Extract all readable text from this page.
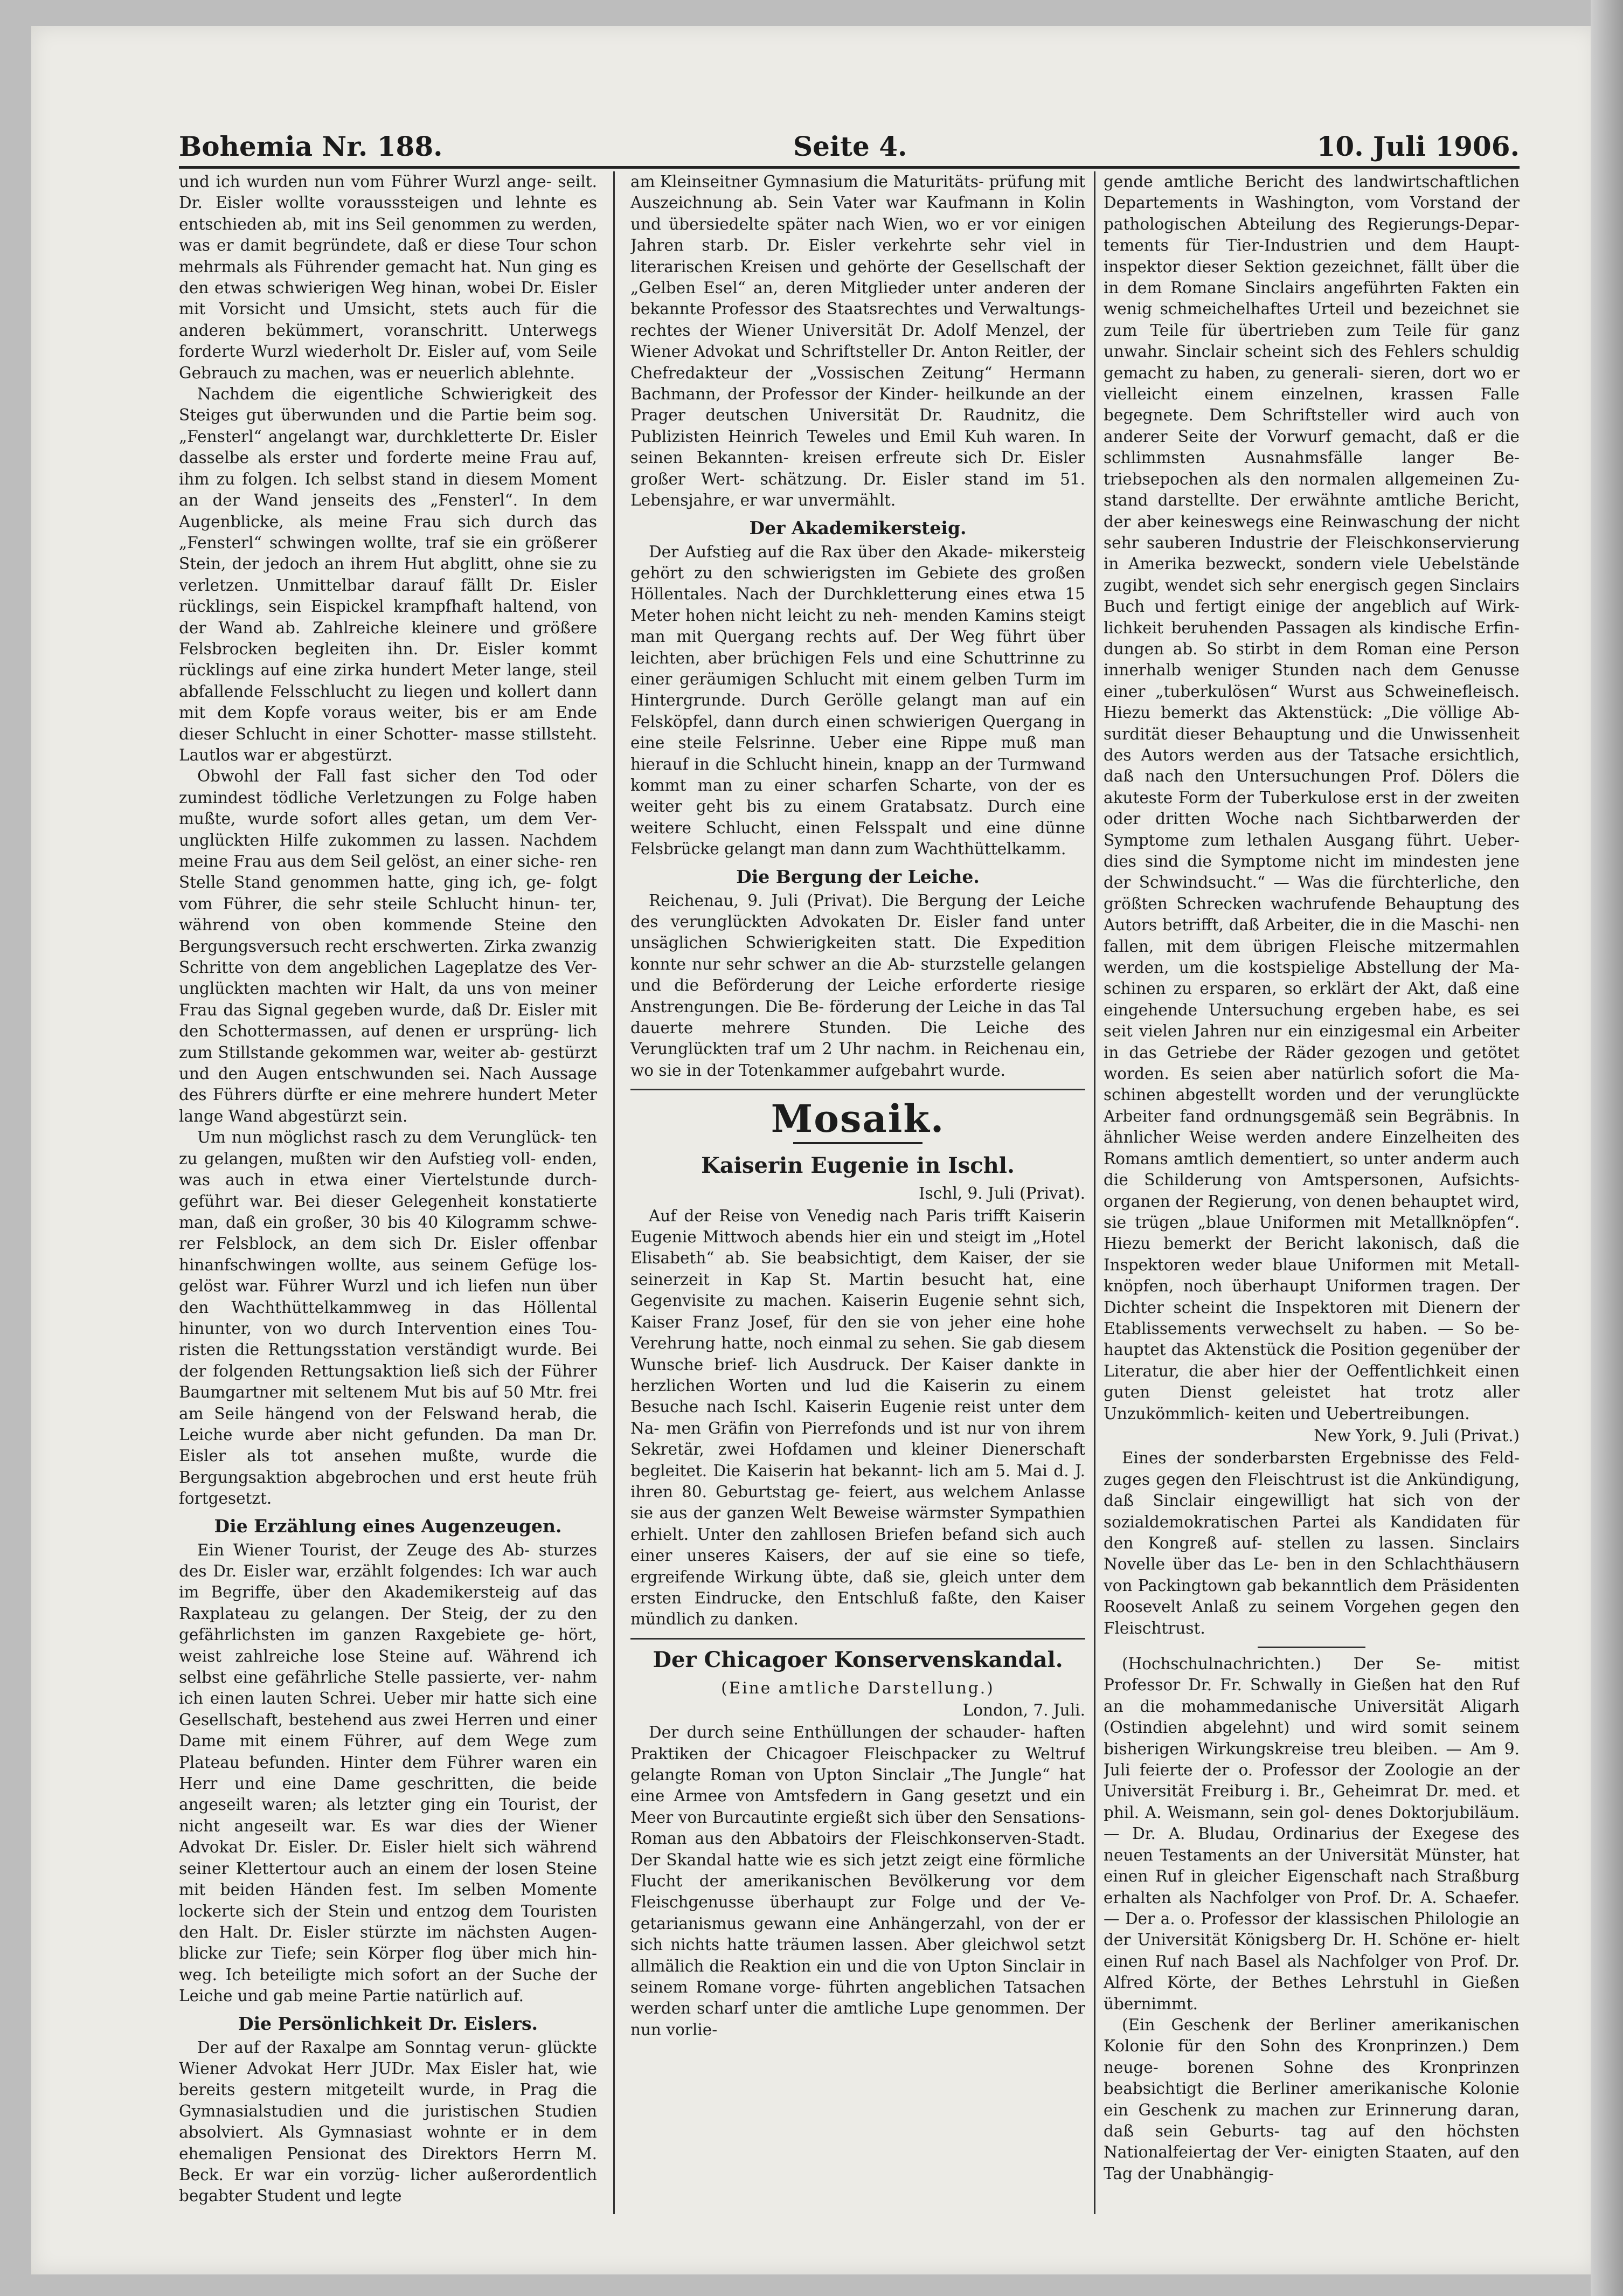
Bohemia Nr. 188.	Seite 4.	10. Juli 1906.

und ich wurden nun vom Führer Wurzl ange- seilt. Dr. Eisler wollte vorausssteigen und lehnte es entschieden ab, mit ins Seil genommen zu werden, was er damit begründete, daß er diese Tour schon mehrmals als Führender gemacht hat. Nun ging es den etwas schwierigen Weg hinan, wobei Dr. Eisler mit Vorsicht und Umsicht, stets auch für die anderen bekümmert, voranschritt. Unterwegs forderte Wurzl wiederholt Dr. Eisler auf, vom Seile Gebrauch zu machen, was er neuerlich ablehnte.

Nachdem die eigentliche Schwierigkeit des Steiges gut überwunden und die Partie beim sog. „Fensterl“ angelangt war, durchkletterte Dr. Eisler dasselbe als erster und forderte meine Frau auf, ihm zu folgen. Ich selbst stand in diesem Moment an der Wand jenseits des „Fensterl“. In dem Augenblicke, als meine Frau sich durch das „Fensterl“ schwingen wollte, traf sie ein größerer Stein, der jedoch an ihrem Hut abglitt, ohne sie zu verletzen. Unmittelbar darauf fällt Dr. Eisler rücklings, sein Eispickel krampfhaft haltend, von der Wand ab. Zahlreiche kleinere und größere Felsbrocken begleiten ihn. Dr. Eisler kommt rücklings auf eine zirka hundert Meter lange, steil abfallende Felsschlucht zu liegen und kollert dann mit dem Kopfe voraus weiter, bis er am Ende dieser Schlucht in einer Schotter- masse stillsteht. Lautlos war er abgestürzt.

Obwohl der Fall fast sicher den Tod oder zumindest tödliche Verletzungen zu Folge haben mußte, wurde sofort alles getan, um dem Ver- unglückten Hilfe zukommen zu lassen. Nachdem meine Frau aus dem Seil gelöst, an einer siche- ren Stelle Stand genommen hatte, ging ich, ge- folgt vom Führer, die sehr steile Schlucht hinun- ter, während von oben kommende Steine den Bergungsversuch recht erschwerten. Zirka zwanzig Schritte von dem angeblichen Lageplatze des Ver- unglückten machten wir Halt, da uns von meiner Frau das Signal gegeben wurde, daß Dr. Eisler mit den Schottermassen, auf denen er ursprüng- lich zum Stillstande gekommen war, weiter ab- gestürzt und den Augen entschwunden sei. Nach Aussage des Führers dürfte er eine mehrere hundert Meter lange Wand abgestürzt sein.

Um nun möglichst rasch zu dem Verunglück- ten zu gelangen, mußten wir den Aufstieg voll- enden, was auch in etwa einer Viertelstunde durch- geführt war. Bei dieser Gelegenheit konstatierte man, daß ein großer, 30 bis 40 Kilogramm schwe- rer Felsblock, an dem sich Dr. Eisler offenbar hinanfschwingen wollte, aus seinem Gefüge los- gelöst war. Führer Wurzl und ich liefen nun über den Wachthüttelkammweg in das Höllental hinunter, von wo durch Intervention eines Tou- risten die Rettungsstation verständigt wurde. Bei der folgenden Rettungsaktion ließ sich der Führer Baumgartner mit seltenem Mut bis auf 50 Mtr. frei am Seile hängend von der Felswand herab, die Leiche wurde aber nicht gefunden. Da man Dr. Eisler als tot ansehen mußte, wurde die Bergungsaktion abgebrochen und erst heute früh fortgesetzt.

Die Erzählung eines Augenzeugen.

Ein Wiener Tourist, der Zeuge des Ab- sturzes des Dr. Eisler war, erzählt folgendes: Ich war auch im Begriffe, über den Akademikersteig auf das Raxplateau zu gelangen. Der Steig, der zu den gefährlichsten im ganzen Raxgebiete ge- hört, weist zahlreiche lose Steine auf. Während ich selbst eine gefährliche Stelle passierte, ver- nahm ich einen lauten Schrei. Ueber mir hatte sich eine Gesellschaft, bestehend aus zwei Herren und einer Dame mit einem Führer, auf dem Wege zum Plateau befunden. Hinter dem Führer waren ein Herr und eine Dame geschritten, die beide angeseilt waren; als letzter ging ein Tourist, der nicht angeseilt war. Es war dies der Wiener Advokat Dr. Eisler. Dr. Eisler hielt sich während seiner Klettertour auch an einem der losen Steine mit beiden Händen fest. Im selben Momente lockerte sich der Stein und entzog dem Touristen den Halt. Dr. Eisler stürzte im nächsten Augen- blicke zur Tiefe; sein Körper flog über mich hin- weg. Ich beteiligte mich sofort an der Suche der Leiche und gab meine Partie natürlich auf.

Die Persönlichkeit Dr. Eislers.

Der auf der Raxalpe am Sonntag verun- glückte Wiener Advokat Herr JUDr. Max Eisler hat, wie bereits gestern mitgeteilt wurde, in Prag die Gymnasialstudien und die juristischen Studien absolviert. Als Gymnasiast wohnte er in dem ehemaligen Pensionat des Direktors Herrn M. Beck. Er war ein vorzüg- licher außerordentlich begabter Student und legte

am Kleinseitner Gymnasium die Maturitäts- prüfung mit Auszeichnung ab. Sein Vater war Kaufmann in Kolin und übersiedelte später nach Wien, wo er vor einigen Jahren starb. Dr. Eisler verkehrte sehr viel in literarischen Kreisen und gehörte der Gesellschaft der „Gelben Esel“ an, deren Mitglieder unter anderen der bekannte Professor des Staatsrechtes und Verwaltungs- rechtes der Wiener Universität Dr. Adolf Menzel, der Wiener Advokat und Schriftsteller Dr. Anton Reitler, der Chefredakteur der „Vossischen Zeitung“ Hermann Bachmann, der Professor der Kinder- heilkunde an der Prager deutschen Universität Dr. Raudnitz, die Publizisten Heinrich Teweles und Emil Kuh waren. In seinen Bekannten- kreisen erfreute sich Dr. Eisler großer Wert- schätzung. Dr. Eisler stand im 51. Lebensjahre, er war unvermählt.

Der Akademikersteig.

Der Aufstieg auf die Rax über den Akade- mikersteig gehört zu den schwierigsten im Gebiete des großen Höllentales. Nach der Durchkletterung eines etwa 15 Meter hohen nicht leicht zu neh- menden Kamins steigt man mit Quergang rechts auf. Der Weg führt über leichten, aber brüchigen Fels und eine Schuttrinne zu einer geräumigen Schlucht mit einem gelben Turm im Hintergrunde. Durch Gerölle gelangt man auf ein Felsköpfel, dann durch einen schwierigen Quergang in eine steile Felsrinne. Ueber eine Rippe muß man hierauf in die Schlucht hinein, knapp an der Turmwand kommt man zu einer scharfen Scharte, von der es weiter geht bis zu einem Gratabsatz. Durch eine weitere Schlucht, einen Felsspalt und eine dünne Felsbrücke gelangt man dann zum Wachthüttelkamm.

Die Bergung der Leiche.

Reichenau, 9. Juli (Privat). Die Bergung der Leiche des verunglückten Advokaten Dr. Eisler fand unter unsäglichen Schwierigkeiten statt. Die Expedition konnte nur sehr schwer an die Ab- sturzstelle gelangen und die Beförderung der Leiche erforderte riesige Anstrengungen. Die Be- förderung der Leiche in das Tal dauerte mehrere Stunden. Die Leiche des Verunglückten traf um 2 Uhr nachm. in Reichenau ein, wo sie in der Totenkammer aufgebahrt wurde.

Mosaik.
Kaiserin Eugenie in Ischl.
Ischl, 9. Juli (Privat).

Auf der Reise von Venedig nach Paris trifft Kaiserin Eugenie Mittwoch abends hier ein und steigt im „Hotel Elisabeth“ ab. Sie beabsichtigt, dem Kaiser, der sie seinerzeit in Kap St. Martin besucht hat, eine Gegenvisite zu machen. Kaiserin Eugenie sehnt sich, Kaiser Franz Josef, für den sie von jeher eine hohe Verehrung hatte, noch einmal zu sehen. Sie gab diesem Wunsche brief- lich Ausdruck. Der Kaiser dankte in herzlichen Worten und lud die Kaiserin zu einem Besuche nach Ischl. Kaiserin Eugenie reist unter dem Na- men Gräfin von Pierrefonds und ist nur von ihrem Sekretär, zwei Hofdamen und kleiner Dienerschaft begleitet. Die Kaiserin hat bekannt- lich am 5. Mai d. J. ihren 80. Geburtstag ge- feiert, aus welchem Anlasse sie aus der ganzen Welt Beweise wärmster Sympathien erhielt. Unter den zahllosen Briefen befand sich auch einer unseres Kaisers, der auf sie eine so tiefe, ergreifende Wirkung übte, daß sie, gleich unter dem ersten Eindrucke, den Entschluß faßte, den Kaiser mündlich zu danken.

Der Chicagoer Konservenskandal.
(Eine amtliche Darstellung.)
London, 7. Juli.

Der durch seine Enthüllungen der schauder- haften Praktiken der Chicagoer Fleischpacker zu Weltruf gelangte Roman von Upton Sinclair „The Jungle“ hat eine Armee von Amtsfedern in Gang gesetzt und ein Meer von Burcautinte ergießt sich über den Sensations-Roman aus den Abbatoirs der Fleischkonserven-Stadt. Der Skandal hatte wie es sich jetzt zeigt eine förmliche Flucht der amerikanischen Bevölkerung vor dem Fleischgenusse überhaupt zur Folge und der Ve- getarianismus gewann eine Anhängerzahl, von der er sich nichts hatte träumen lassen. Aber gleichwol setzt allmälich die Reaktion ein und die von Upton Sinclair in seinem Romane vorge- führten angeblichen Tatsachen werden scharf unter die amtliche Lupe genommen. Der nun vorlie-

gende amtliche Bericht des landwirtschaftlichen Departements in Washington, vom Vorstand der pathologischen Abteilung des Regierungs-Depar- tements für Tier-Industrien und dem Haupt- inspektor dieser Sektion gezeichnet, fällt über die in dem Romane Sinclairs angeführten Fakten ein wenig schmeichelhaftes Urteil und bezeichnet sie zum Teile für übertrieben zum Teile für ganz unwahr. Sinclair scheint sich des Fehlers schuldig gemacht zu haben, zu generali- sieren, dort wo er vielleicht einem einzelnen, krassen Falle begegnete. Dem Schriftsteller wird auch von anderer Seite der Vorwurf gemacht, daß er die schlimmsten Ausnahmsfälle langer Be- triebsepochen als den normalen allgemeinen Zu- stand darstellte. Der erwähnte amtliche Bericht, der aber keineswegs eine Reinwaschung der nicht sehr sauberen Industrie der Fleischkonservierung in Amerika bezweckt, sondern viele Uebelstände zugibt, wendet sich sehr energisch gegen Sinclairs Buch und fertigt einige der angeblich auf Wirk- lichkeit beruhenden Passagen als kindische Erfin- dungen ab. So stirbt in dem Roman eine Person innerhalb weniger Stunden nach dem Genusse einer „tuberkulösen“ Wurst aus Schweinefleisch. Hiezu bemerkt das Aktenstück: „Die völlige Ab- surdität dieser Behauptung und die Unwissenheit des Autors werden aus der Tatsache ersichtlich, daß nach den Untersuchungen Prof. Dölers die akuteste Form der Tuberkulose erst in der zweiten oder dritten Woche nach Sichtbarwerden der Symptome zum lethalen Ausgang führt. Ueber- dies sind die Symptome nicht im mindesten jene der Schwindsucht.“ — Was die fürchterliche, den größten Schrecken wachrufende Behauptung des Autors betrifft, daß Arbeiter, die in die Maschi- nen fallen, mit dem übrigen Fleische mitzermahlen werden, um die kostspielige Abstellung der Ma- schinen zu ersparen, so erklärt der Akt, daß eine eingehende Untersuchung ergeben habe, es sei seit vielen Jahren nur ein einzigesmal ein Arbeiter in das Getriebe der Räder gezogen und getötet worden. Es seien aber natürlich sofort die Ma- schinen abgestellt worden und der verunglückte Arbeiter fand ordnungsgemäß sein Begräbnis. In ähnlicher Weise werden andere Einzelheiten des Romans amtlich dementiert, so unter anderm auch die Schilderung von Amtspersonen, Aufsichts- organen der Regierung, von denen behauptet wird, sie trügen „blaue Uniformen mit Metallknöpfen“. Hiezu bemerkt der Bericht lakonisch, daß die Inspektoren weder blaue Uniformen mit Metall- knöpfen, noch überhaupt Uniformen tragen. Der Dichter scheint die Inspektoren mit Dienern der Etablissements verwechselt zu haben. — So be- hauptet das Aktenstück die Position gegenüber der Literatur, die aber hier der Oeffentlichkeit einen guten Dienst geleistet hat trotz aller Unzukömmlich- keiten und Uebertreibungen.

New York, 9. Juli (Privat.)

Eines der sonderbarsten Ergebnisse des Feld- zuges gegen den Fleischtrust ist die Ankündigung, daß Sinclair eingewilligt hat sich von der sozialdemokratischen Partei als Kandidaten für den Kongreß auf- stellen zu lassen. Sinclairs Novelle über das Le- ben in den Schlachthäusern von Packingtown gab bekanntlich dem Präsidenten Roosevelt Anlaß zu seinem Vorgehen gegen den Fleischtrust.

(Hochschulnachrichten.) Der Se- mitist Professor Dr. Fr. Schwally in Gießen hat den Ruf an die mohammedanische Universität Aligarh (Ostindien abgelehnt) und wird somit seinem bisherigen Wirkungskreise treu bleiben. — Am 9. Juli feierte der o. Professor der Zoologie an der Universität Freiburg i. Br., Geheimrat Dr. med. et phil. A. Weismann, sein gol- denes Doktorjubiläum. — Dr. A. Bludau, Ordinarius der Exegese des neuen Testaments an der Universität Münster, hat einen Ruf in gleicher Eigenschaft nach Straßburg erhalten als Nachfolger von Prof. Dr. A. Schaefer. — Der a. o. Professor der klassischen Philologie an der Universität Königsberg Dr. H. Schöne er- hielt einen Ruf nach Basel als Nachfolger von Prof. Dr. Alfred Körte, der Bethes Lehrstuhl in Gießen übernimmt.

(Ein Geschenk der Berliner amerikanischen Kolonie für den Sohn des Kronprinzen.) Dem neuge- borenen Sohne des Kronprinzen beabsichtigt die Berliner amerikanische Kolonie ein Geschenk zu machen zur Erinnerung daran, daß sein Geburts- tag auf den höchsten Nationalfeiertag der Ver- einigten Staaten, auf den Tag der Unabhängig-
